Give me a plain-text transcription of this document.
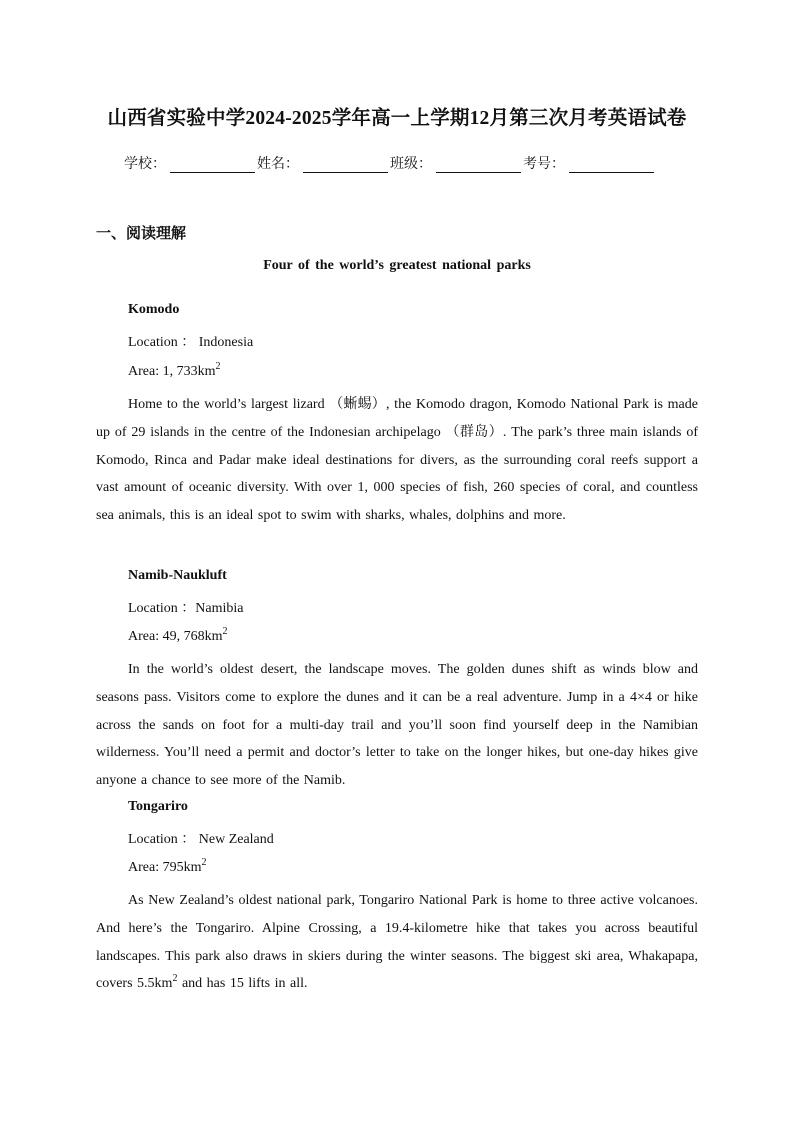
山西省实验中学2024-2025学年高一上学期12月第三次月考英语试卷
学校：	姓名：	班级：	考号：
一、阅读理解
Four of the world’s greatest national parks
Komodo
Location ： Indonesia
Area: 1, $733km^2$
Home to the world’s largest lizard （蜥蜴）, the Komodo dragon, Komodo National Park is made up of 29 islands in the centre of the Indonesian archipelago （群岛）. The park’s three main islands of Komodo, Rinca and Padar make ideal destinations for divers, as the surrounding coral reefs support a vast amount of oceanic diversity. With over 1, 000 species of fish, 260 species of coral, and countless sea animals, this is an ideal spot to swim with sharks, whales, dolphins and more.
Namib-Naukluft
Location ：Namibia
Area: 49, $768km^2$
In the world’s oldest desert, the landscape moves. The golden dunes shift as winds blow and seasons pass. Visitors come to explore the dunes and it can be a real adventure. Jump in a 4×4 or hike across the sands on foot for a multi-day trail and you’ll soon find yourself deep in the Namibian wilderness. You’ll need a permit and doctor’s letter to take on the longer hikes, but one-day hikes give anyone a chance to see more of the Namib.
Tongariro
Location ： New Zealand
Area: $795km^2$
As New Zealand’s oldest national park, Tongariro National Park is home to three active volcanoes. And here’s the Tongariro. Alpine Crossing, a 19.4-kilometre hike that takes you across beautiful landscapes. This park also draws in skiers during the winter seasons. The biggest ski area, Whakapapa, covers $5.5km^2$ and has 15 lifts in all.
